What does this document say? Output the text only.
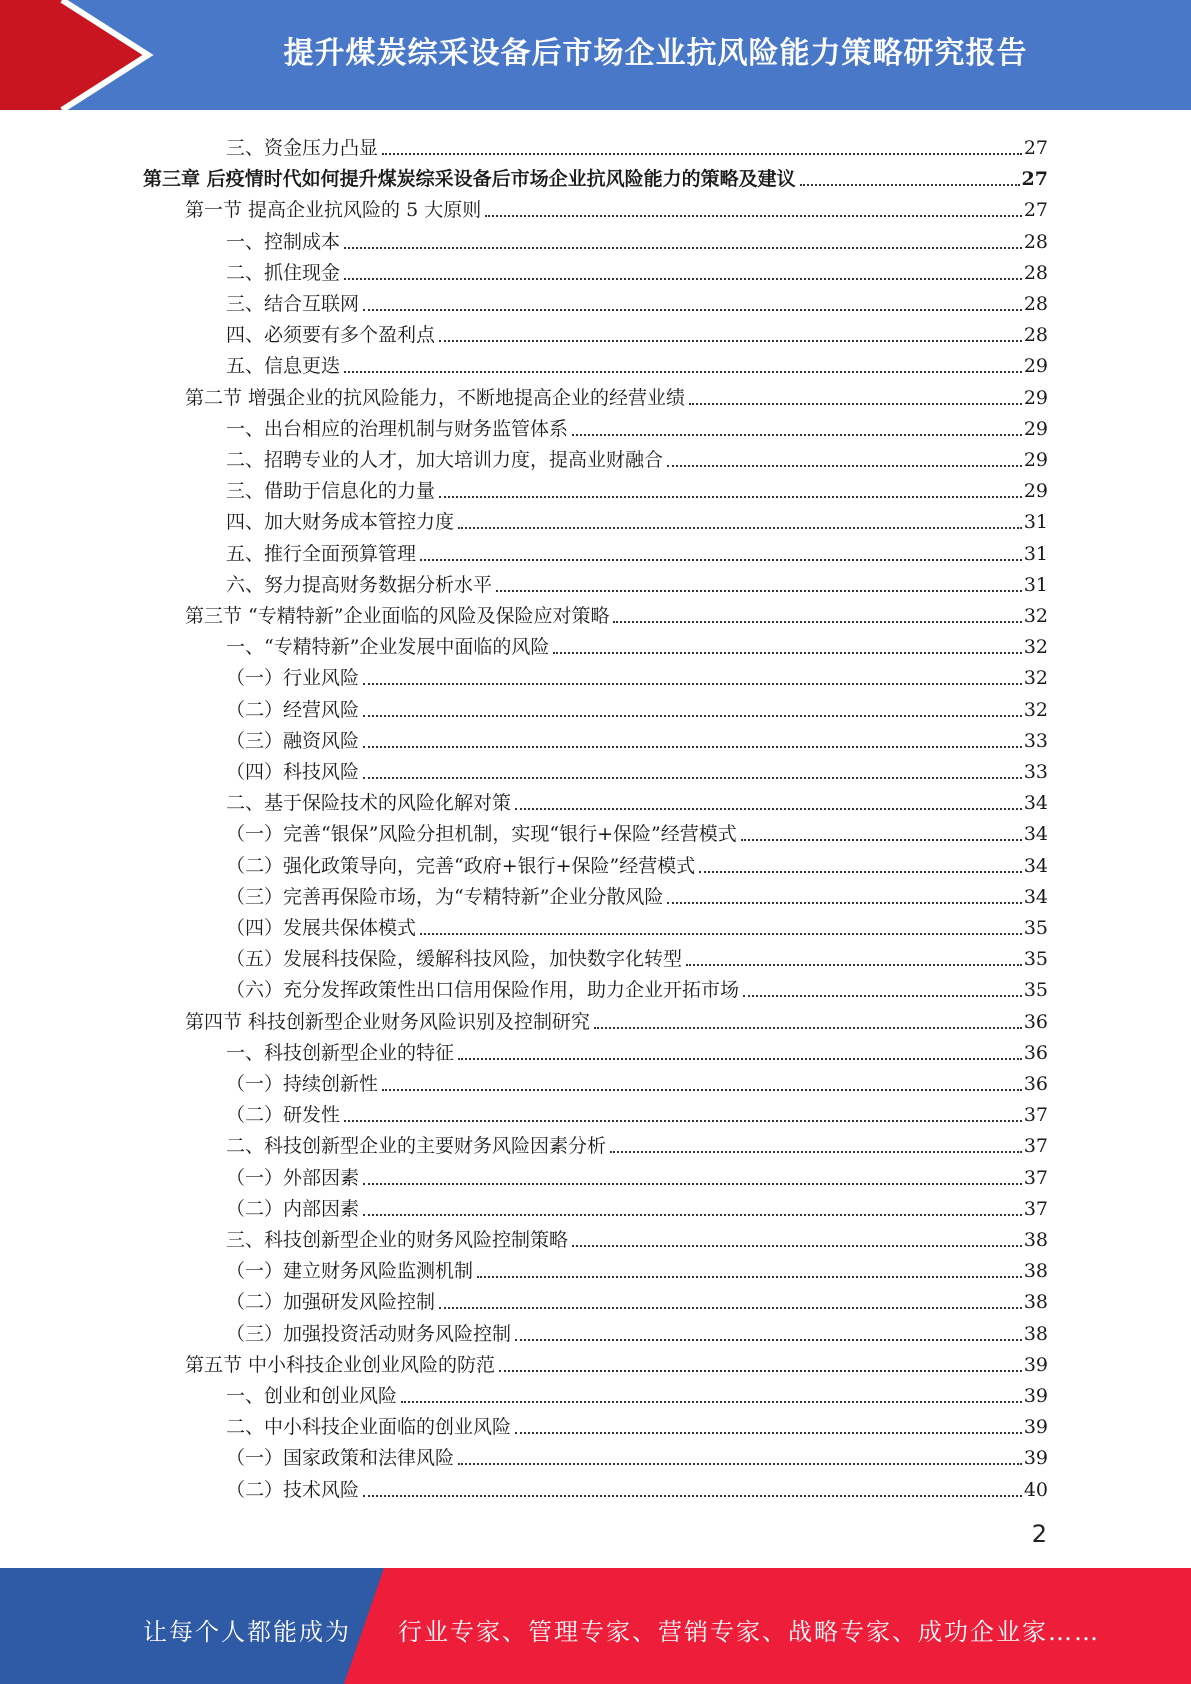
提升煤炭综采设备后市场企业抗风险能力策略研究报告
三、资金压力凸显	27
第三章 后疫情时代如何提升煤炭综采设备后市场企业抗风险能力的策略及建议	27
第一节 提高企业抗风险的 5 大原则	27
一、控制成本	28
二、抓住现金	28
三、结合互联网	28
四、必须要有多个盈利点	28
五、信息更迭	29
第二节 增强企业的抗风险能力，不断地提高企业的经营业绩	29
一、出台相应的治理机制与财务监管体系	29
二、招聘专业的人才，加大培训力度，提高业财融合	29
三、借助于信息化的力量	29
四、加大财务成本管控力度	31
五、推行全面预算管理	31
六、努力提高财务数据分析水平	31
第三节 “专精特新”企业面临的风险及保险应对策略	32
一、“专精特新”企业发展中面临的风险	32
（一）行业风险	32
（二）经营风险	32
（三）融资风险	33
（四）科技风险	33
二、基于保险技术的风险化解对策	34
（一）完善“银保”风险分担机制，实现“银行+保险”经营模式	34
（二）强化政策导向，完善“政府+银行+保险”经营模式	34
（三）完善再保险市场，为“专精特新”企业分散风险	34
（四）发展共保体模式	35
（五）发展科技保险，缓解科技风险，加快数字化转型	35
（六）充分发挥政策性出口信用保险作用，助力企业开拓市场	35
第四节 科技创新型企业财务风险识别及控制研究	36
一、科技创新型企业的特征	36
（一）持续创新性	36
（二）研发性	37
二、科技创新型企业的主要财务风险因素分析	37
（一）外部因素	37
（二）内部因素	37
三、科技创新型企业的财务风险控制策略	38
（一）建立财务风险监测机制	38
（二）加强研发风险控制	38
（三）加强投资活动财务风险控制	38
第五节 中小科技企业创业风险的防范	39
一、创业和创业风险	39
二、中小科技企业面临的创业风险	39
（一）国家政策和法律风险	39
（二）技术风险	40
2
让每个人都能成为 行业专家、管理专家、营销专家、战略专家、成功企业家……
